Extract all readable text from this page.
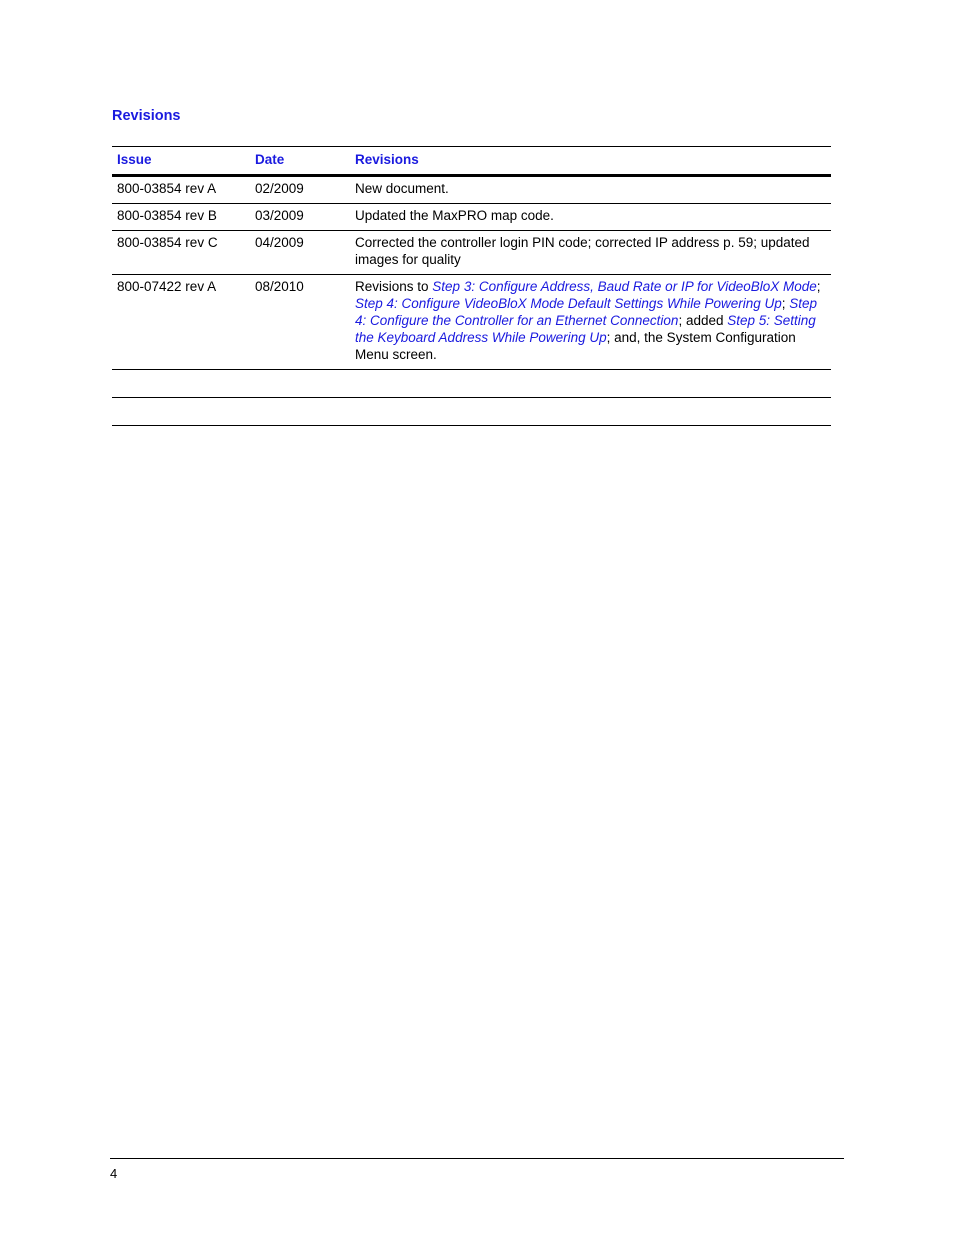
Revisions
Issue	Date	Revisions
800-03854 rev A	02/2009	New document.
800-03854 rev B	03/2009	Updated the MaxPRO map code.
800-03854 rev C	04/2009	Corrected the controller login PIN code; corrected IP address p. 59; updated images for quality
800-07422 rev A	08/2010	Revisions to Step 3: Configure Address, Baud Rate or IP for VideoBloX Mode; Step 4: Configure VideoBloX Mode Default Settings While Powering Up; Step 4: Configure the Controller for an Ethernet Connection; added Step 5: Setting the Keyboard Address While Powering Up; and, the System Configuration Menu screen.

4
